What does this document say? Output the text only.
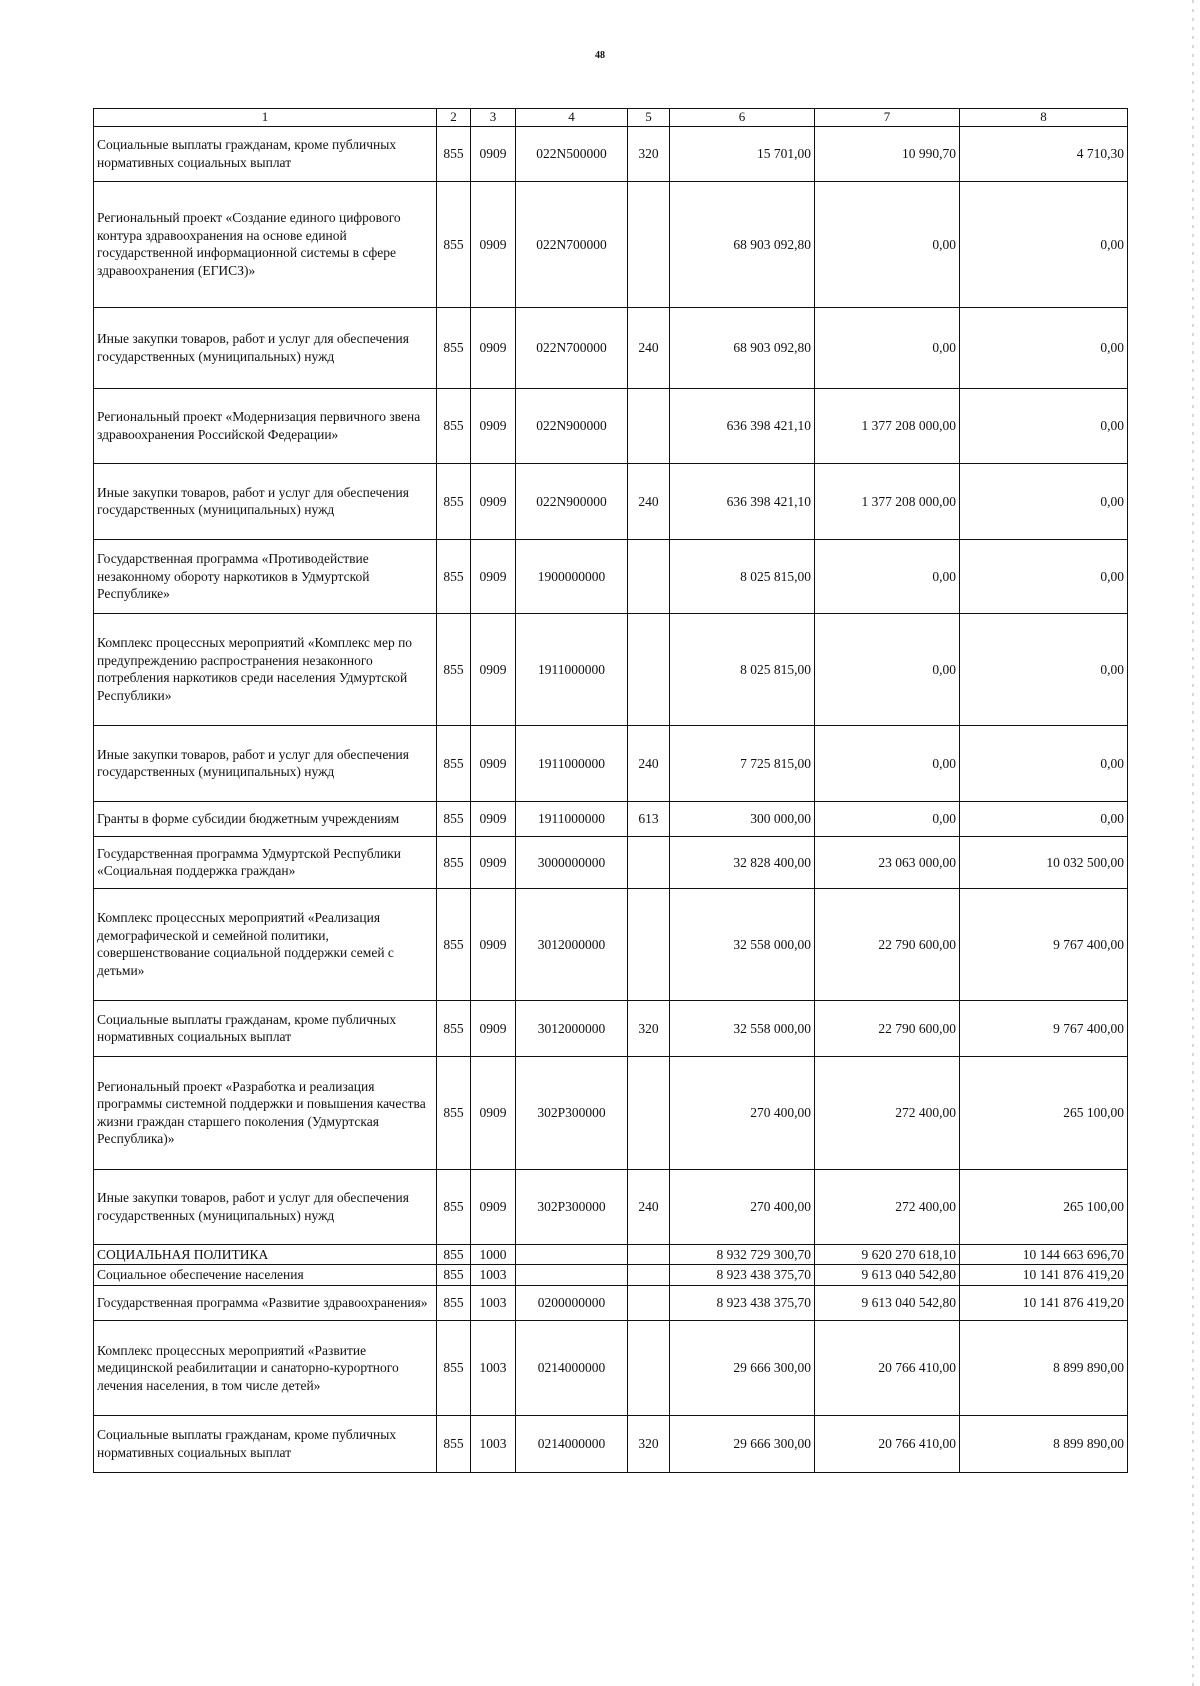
48
1	2	3	4	5	6	7	8
Социальные выплаты гражданам, кроме публичных нормативных социальных выплат	855	0909	022N500000	320	15 701,00	10 990,70	4 710,30
Региональный проект «Создание единого цифрового контура здравоохранения на основе единой государственной информационной системы в сфере здравоохранения (ЕГИСЗ)»	855	0909	022N700000		68 903 092,80	0,00	0,00
Иные закупки товаров, работ и услуг для обеспечения государственных (муниципальных) нужд	855	0909	022N700000	240	68 903 092,80	0,00	0,00
Региональный проект «Модернизация первичного звена здравоохранения Российской Федерации»	855	0909	022N900000		636 398 421,10	1 377 208 000,00	0,00
Иные закупки товаров, работ и услуг для обеспечения государственных (муниципальных) нужд	855	0909	022N900000	240	636 398 421,10	1 377 208 000,00	0,00
Государственная программа «Противодействие незаконному обороту наркотиков в Удмуртской Республике»	855	0909	1900000000		8 025 815,00	0,00	0,00
Комплекс процессных мероприятий «Комплекс мер по предупреждению распространения незаконного потребления наркотиков среди населения Удмуртской Республики»	855	0909	1911000000		8 025 815,00	0,00	0,00
Иные закупки товаров, работ и услуг для обеспечения государственных (муниципальных) нужд	855	0909	1911000000	240	7 725 815,00	0,00	0,00
Гранты в форме субсидии бюджетным учреждениям	855	0909	1911000000	613	300 000,00	0,00	0,00
Государственная программа Удмуртской Республики «Социальная поддержка граждан»	855	0909	3000000000		32 828 400,00	23 063 000,00	10 032 500,00
Комплекс процессных мероприятий «Реализация демографической и семейной политики, совершенствование социальной поддержки семей с детьми»	855	0909	3012000000		32 558 000,00	22 790 600,00	9 767 400,00
Социальные выплаты гражданам, кроме публичных нормативных социальных выплат	855	0909	3012000000	320	32 558 000,00	22 790 600,00	9 767 400,00
Региональный проект «Разработка и реализация программы системной поддержки и повышения качества жизни граждан старшего поколения (Удмуртская Республика)»	855	0909	302P300000		270 400,00	272 400,00	265 100,00
Иные закупки товаров, работ и услуг для обеспечения государственных (муниципальных) нужд	855	0909	302P300000	240	270 400,00	272 400,00	265 100,00
СОЦИАЛЬНАЯ ПОЛИТИКА	855	1000			8 932 729 300,70	9 620 270 618,10	10 144 663 696,70
Социальное обеспечение населения	855	1003			8 923 438 375,70	9 613 040 542,80	10 141 876 419,20
Государственная программа «Развитие здравоохранения»	855	1003	0200000000		8 923 438 375,70	9 613 040 542,80	10 141 876 419,20
Комплекс процессных мероприятий «Развитие медицинской реабилитации и санаторно-курортного лечения населения, в том числе детей»	855	1003	0214000000		29 666 300,00	20 766 410,00	8 899 890,00
Социальные выплаты гражданам, кроме публичных нормативных социальных выплат	855	1003	0214000000	320	29 666 300,00	20 766 410,00	8 899 890,00
